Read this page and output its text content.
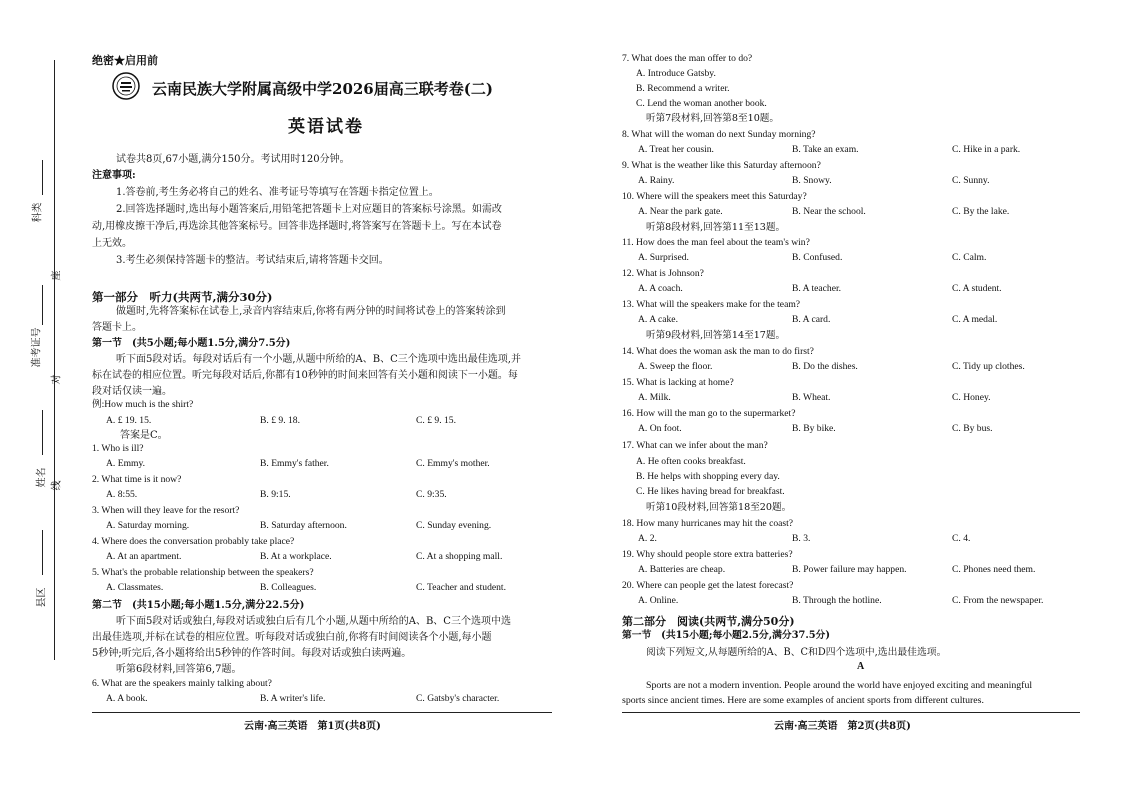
科类
座
准考证号
对
姓名 线
县区
绝密★启用前
云南民族大学附属高级中学2026届高三联考卷(二)
英语试卷
试卷共8页,67小题,满分150分。考试用时120分钟。
注意事项:
1.答卷前,考生务必将自己的姓名、准考证号等填写在答题卡指定位置上。
2.回答选择题时,选出每小题答案后,用铅笔把答题卡上对应题目的答案标号涂黑。如需改
动,用橡皮擦干净后,再选涂其他答案标号。回答非选择题时,将答案写在答题卡上。写在本试卷
上无效。
3.考生必须保持答题卡的整洁。考试结束后,请将答题卡交回。
第一部分　听力(共两节,满分30分)
做题时,先将答案标在试卷上,录音内容结束后,你将有两分钟的时间将试卷上的答案转涂到
答题卡上。
第一节　(共5小题;每小题1.5分,满分7.5分)
听下面5段对话。每段对话后有一个小题,从题中所给的A、B、C三个选项中选出最佳选项,并
标在试卷的相应位置。听完每段对话后,你都有10秒钟的时间来回答有关小题和阅读下一小题。每
段对话仅读一遍。
例:How much is the shirt?
A. £ 19. 15.	B. £ 9. 18.	C. £ 9. 15.
答案是C。
1. Who is ill?
A. Emmy.	B. Emmy's father.	C. Emmy's mother.
2. What time is it now?
A. 8:55.	B. 9:15.	C. 9:35.
3. When will they leave for the resort?
A. Saturday morning.	B. Saturday afternoon.	C. Sunday evening.
4. Where does the conversation probably take place?
A. At an apartment.	B. At a workplace.	C. At a shopping mall.
5. What's the probable relationship between the speakers?
A. Classmates.	B. Colleagues.	C. Teacher and student.
第二节　(共15小题;每小题1.5分,满分22.5分)
听下面5段对话或独白,每段对话或独白后有几个小题,从题中所给的A、B、C三个选项中选
出最佳选项,并标在试卷的相应位置。听每段对话或独白前,你将有时间阅读各个小题,每小题
5秒钟;听完后,各小题将给出5秒钟的作答时间。每段对话或独白读两遍。
听第6段材料,回答第6,7题。
6. What are the speakers mainly talking about?
A. A book.	B. A writer's life.	C. Gatsby's character.
云南·高三英语　第1页(共8页)
7. What does the man offer to do?
A. Introduce Gatsby.
B. Recommend a writer.
C. Lend the woman another book.
听第7段材料,回答第8至10题。
8. What will the woman do next Sunday morning?
A. Treat her cousin.	B. Take an exam.	C. Hike in a park.
9. What is the weather like this Saturday afternoon?
A. Rainy.	B. Snowy.	C. Sunny.
10. Where will the speakers meet this Saturday?
A. Near the park gate.	B. Near the school.	C. By the lake.
听第8段材料,回答第11至13题。
11. How does the man feel about the team's win?
A. Surprised.	B. Confused.	C. Calm.
12. What is Johnson?
A. A coach.	B. A teacher.	C. A student.
13. What will the speakers make for the team?
A. A cake.	B. A card.	C. A medal.
听第9段材料,回答第14至17题。
14. What does the woman ask the man to do first?
A. Sweep the floor.	B. Do the dishes.	C. Tidy up clothes.
15. What is lacking at home?
A. Milk.	B. Wheat.	C. Honey.
16. How will the man go to the supermarket?
A. On foot.	B. By bike.	C. By bus.
17. What can we infer about the man?
A. He often cooks breakfast.
B. He helps with shopping every day.
C. He likes having bread for breakfast.
听第10段材料,回答第18至20题。
18. How many hurricanes may hit the coast?
A. 2.	B. 3.	C. 4.
19. Why should people store extra batteries?
A. Batteries are cheap.	B. Power failure may happen.	C. Phones need them.
20. Where can people get the latest forecast?
A. Online.	B. Through the hotline.	C. From the newspaper.
第二部分　阅读(共两节,满分50分)
第一节　(共15小题;每小题2.5分,满分37.5分)
阅读下列短文,从每题所给的A、B、C和D四个选项中,选出最佳选项。
A
Sports are not a modern invention. People around the world have enjoyed exciting and meaningful
sports since ancient times. Here are some examples of ancient sports from different cultures.
云南·高三英语　第2页(共8页)
